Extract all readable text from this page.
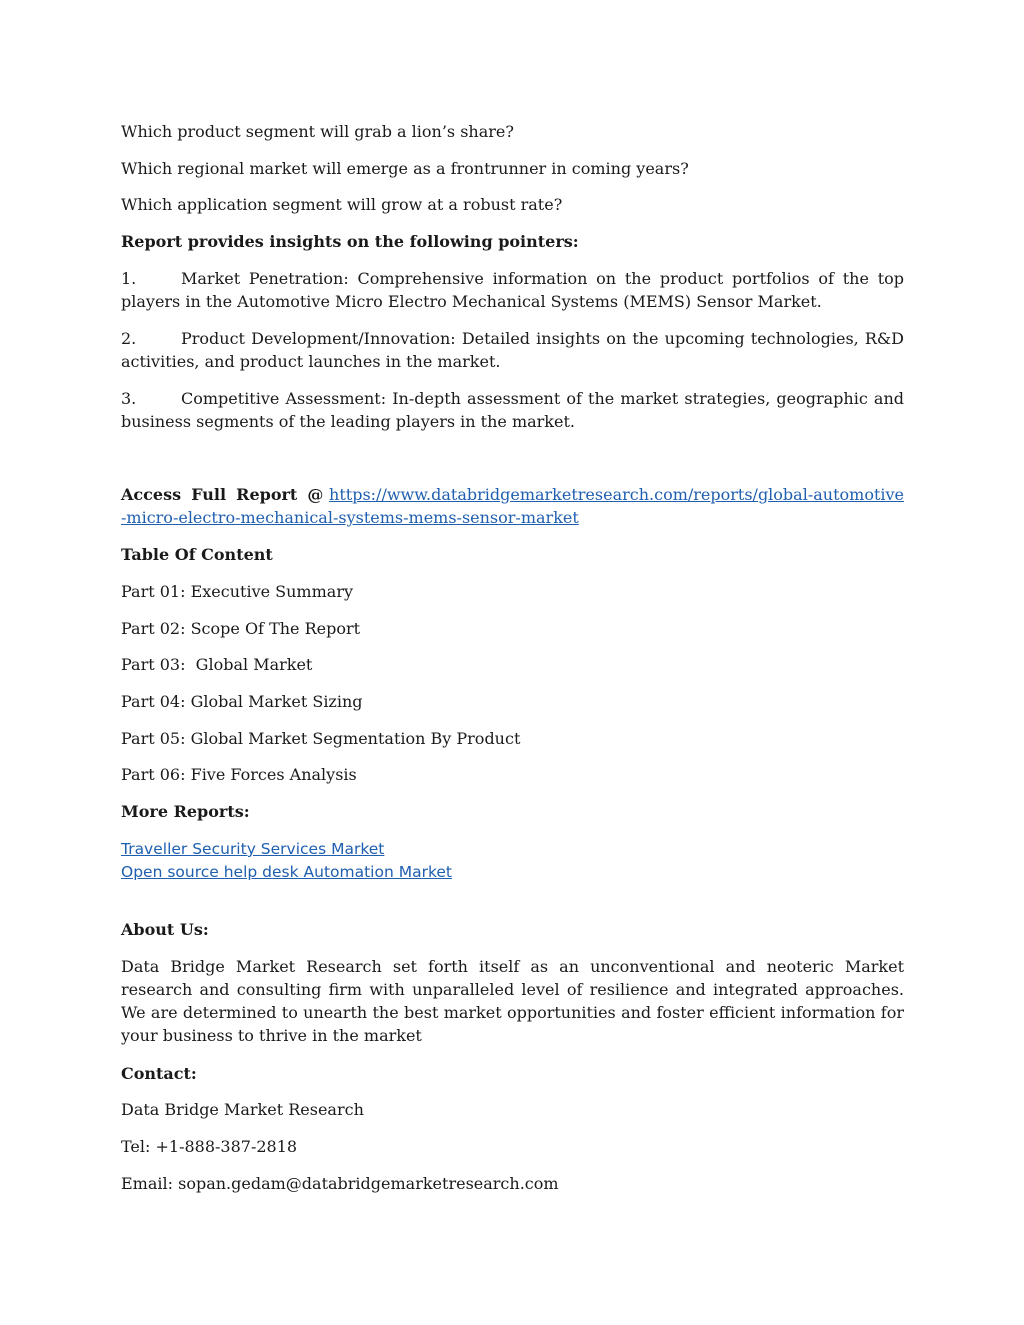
Which product segment will grab a lion’s share?
Which regional market will emerge as a frontrunner in coming years?
Which application segment will grow at a robust rate?
Report provides insights on the following pointers:
1.	Market Penetration: Comprehensive information on the product portfolios of the top players in the Automotive Micro Electro Mechanical Systems (MEMS) Sensor Market.
2.	Product Development/Innovation: Detailed insights on the upcoming technologies, R&D activities, and product launches in the market.
3.	Competitive Assessment: In-depth assessment of the market strategies, geographic and business segments of the leading players in the market.
Access Full Report @ https://www.databridgemarketresearch.com/reports/global-automotive-micro-electro-mechanical-systems-mems-sensor-market
Table Of Content
Part 01: Executive Summary
Part 02: Scope Of The Report
Part 03:  Global Market
Part 04: Global Market Sizing
Part 05: Global Market Segmentation By Product
Part 06: Five Forces Analysis
More Reports:
Traveller Security Services Market
Open source help desk Automation Market
About Us:
Data Bridge Market Research set forth itself as an unconventional and neoteric Market research and consulting firm with unparalleled level of resilience and integrated approaches. We are determined to unearth the best market opportunities and foster efficient information for your business to thrive in the market
Contact:
Data Bridge Market Research
Tel: +1-888-387-2818
Email: sopan.gedam@databridgemarketresearch.com
